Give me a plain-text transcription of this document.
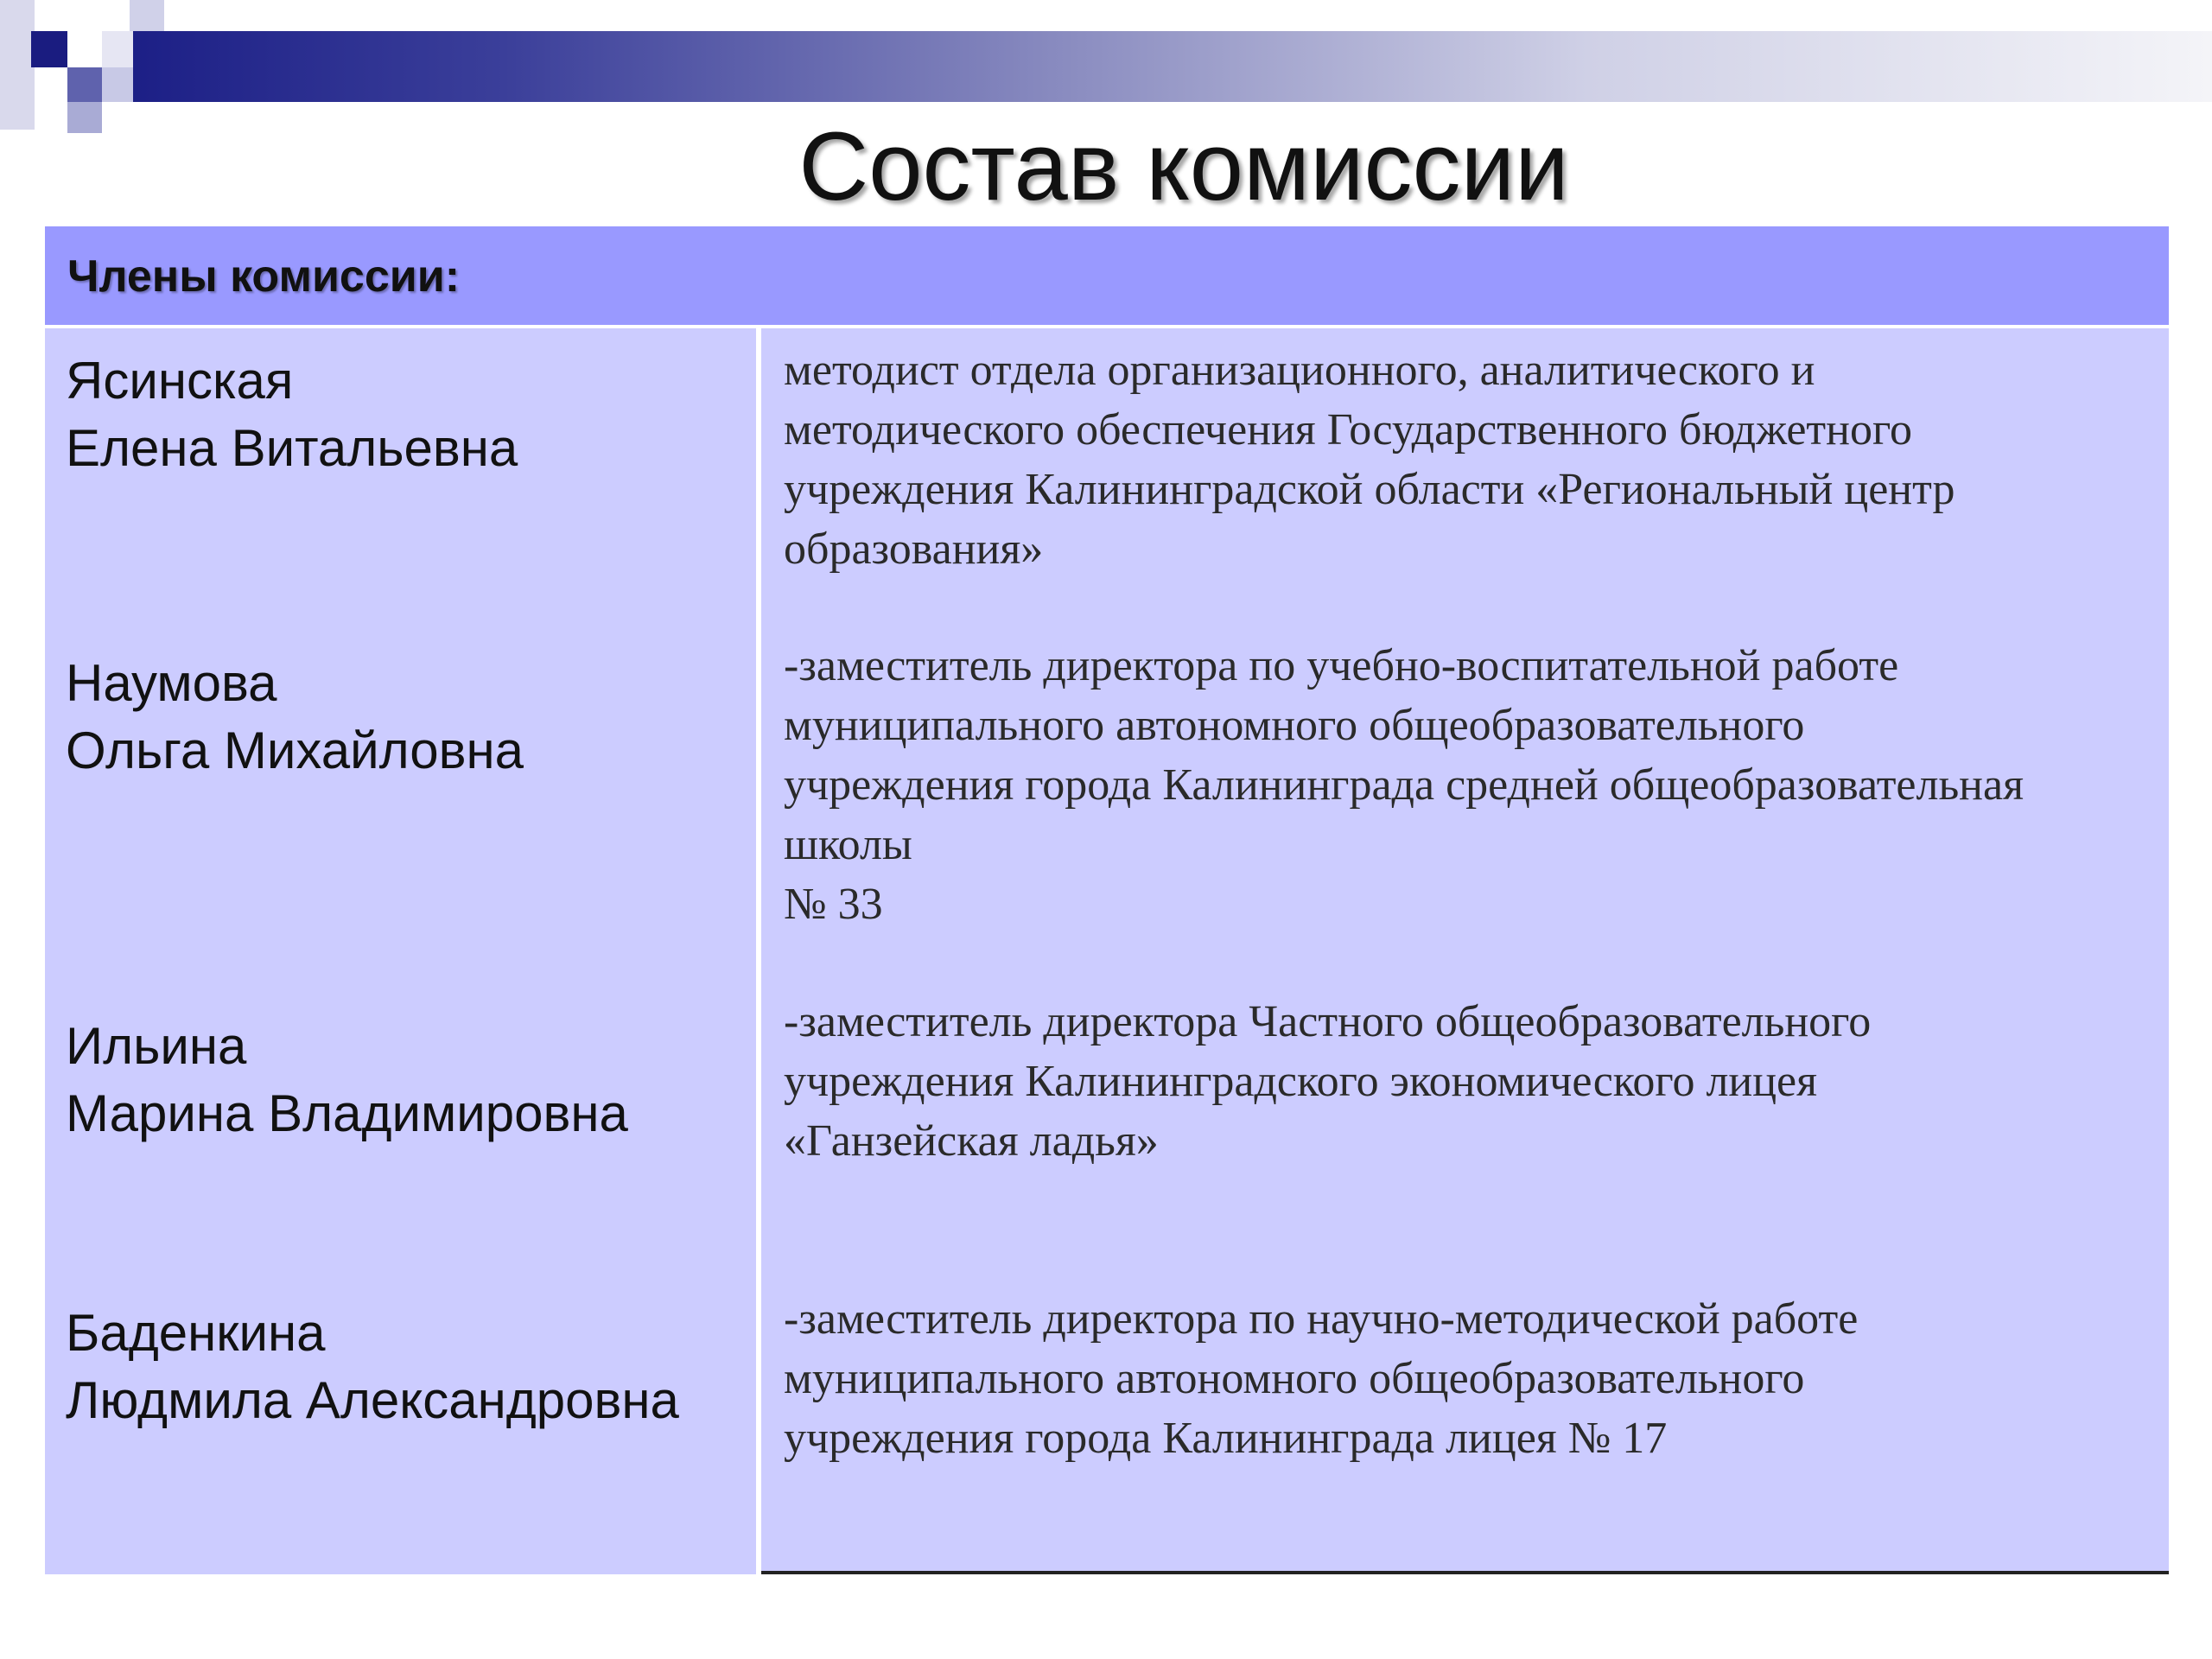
Состав комиссии
Члены комиссии:
Ясинская
Елена Витальевна
Наумова
Ольга Михайловна
Ильина
Марина Владимировна
Баденкина
Людмила Александровна
методист отдела организационного, аналитического и
методического обеспечения Государственного бюджетного
учреждения Калининградской области «Региональный центр
образования»
-заместитель директора по учебно-воспитательной работе
муниципального автономного общеобразовательного
учреждения города Калининграда средней общеобразовательная
школы
№ 33
-заместитель директора Частного общеобразовательного
учреждения Калининградского экономического лицея
«Ганзейская ладья»
-заместитель директора по научно-методической работе
муниципального автономного общеобразовательного
учреждения города Калининграда лицея № 17
